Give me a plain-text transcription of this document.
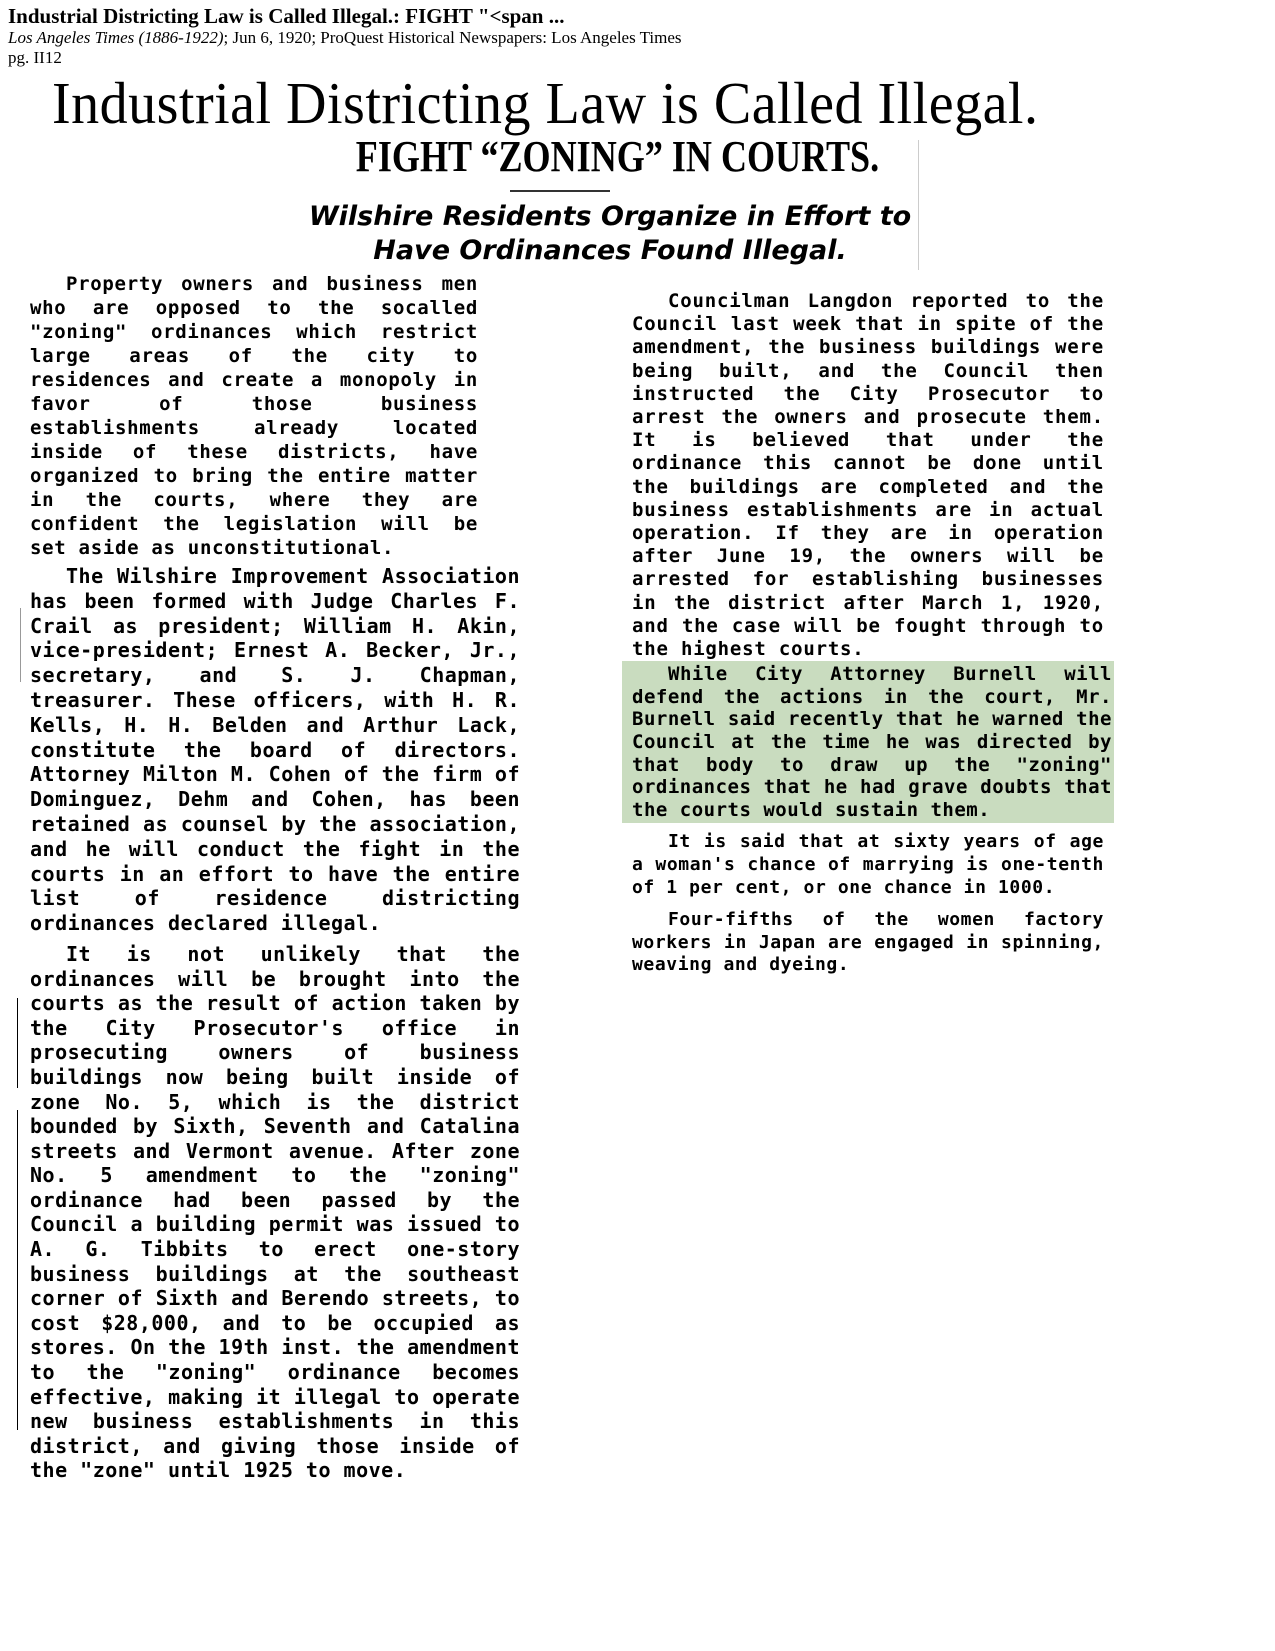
Industrial Districting Law is Called Illegal.: FIGHT "<span ...
Los Angeles Times (1886-1922); Jun 6, 1920; ProQuest Historical Newspapers: Los Angeles Times
pg. II12
Industrial Districting Law is Called Illegal.
FIGHT “ZONING” IN COURTS.
Wilshire Residents Organize in Effort to
Have Ordinances Found Illegal.

Property owners and business men who are opposed to the socalled "zoning" ordinances which restrict large areas of the city to residences and create a monopoly in favor of those business establishments already located inside of these districts, have organized to bring the entire matter in the courts, where they are confident the legislation will be set aside as unconstitutional.

The Wilshire Improvement Association has been formed with Judge Charles F. Crail as president; William H. Akin, vice-president; Ernest A. Becker, Jr., secretary, and S. J. Chapman, treasurer. These officers, with H. R. Kells, H. H. Belden and Arthur Lack, constitute the board of directors. Attorney Milton M. Cohen of the firm of Dominguez, Dehm and Cohen, has been retained as counsel by the association, and he will conduct the fight in the courts in an effort to have the entire list of residence districting ordinances declared illegal.

It is not unlikely that the ordinances will be brought into the courts as the result of action taken by the City Prosecutor's office in prosecuting owners of business buildings now being built inside of zone No. 5, which is the district bounded by Sixth, Seventh and Catalina streets and Vermont avenue. After zone No. 5 amendment to the "zoning" ordinance had been passed by the Council a building permit was issued to A. G. Tibbits to erect one-story business buildings at the southeast corner of Sixth and Berendo streets, to cost $28,000, and to be occupied as stores. On the 19th inst. the amendment to the "zoning" ordinance becomes effective, making it illegal to operate new business establishments in this district, and giving those inside of the "zone" until 1925 to move.

Councilman Langdon reported to the Council last week that in spite of the amendment, the business buildings were being built, and the Council then instructed the City Prosecutor to arrest the owners and prosecute them. It is believed that under the ordinance this cannot be done until the buildings are completed and the business establishments are in actual operation. If they are in operation after June 19, the owners will be arrested for establishing businesses in the district after March 1, 1920, and the case will be fought through to the highest courts.

While City Attorney Burnell will defend the actions in the court, Mr. Burnell said recently that he warned the Council at the time he was directed by that body to draw up the "zoning" ordinances that he had grave doubts that the courts would sustain them.

It is said that at sixty years of age a woman's chance of marrying is one-tenth of 1 per cent, or one chance in 1000.

Four-fifths of the women factory workers in Japan are engaged in spinning, weaving and dyeing.
